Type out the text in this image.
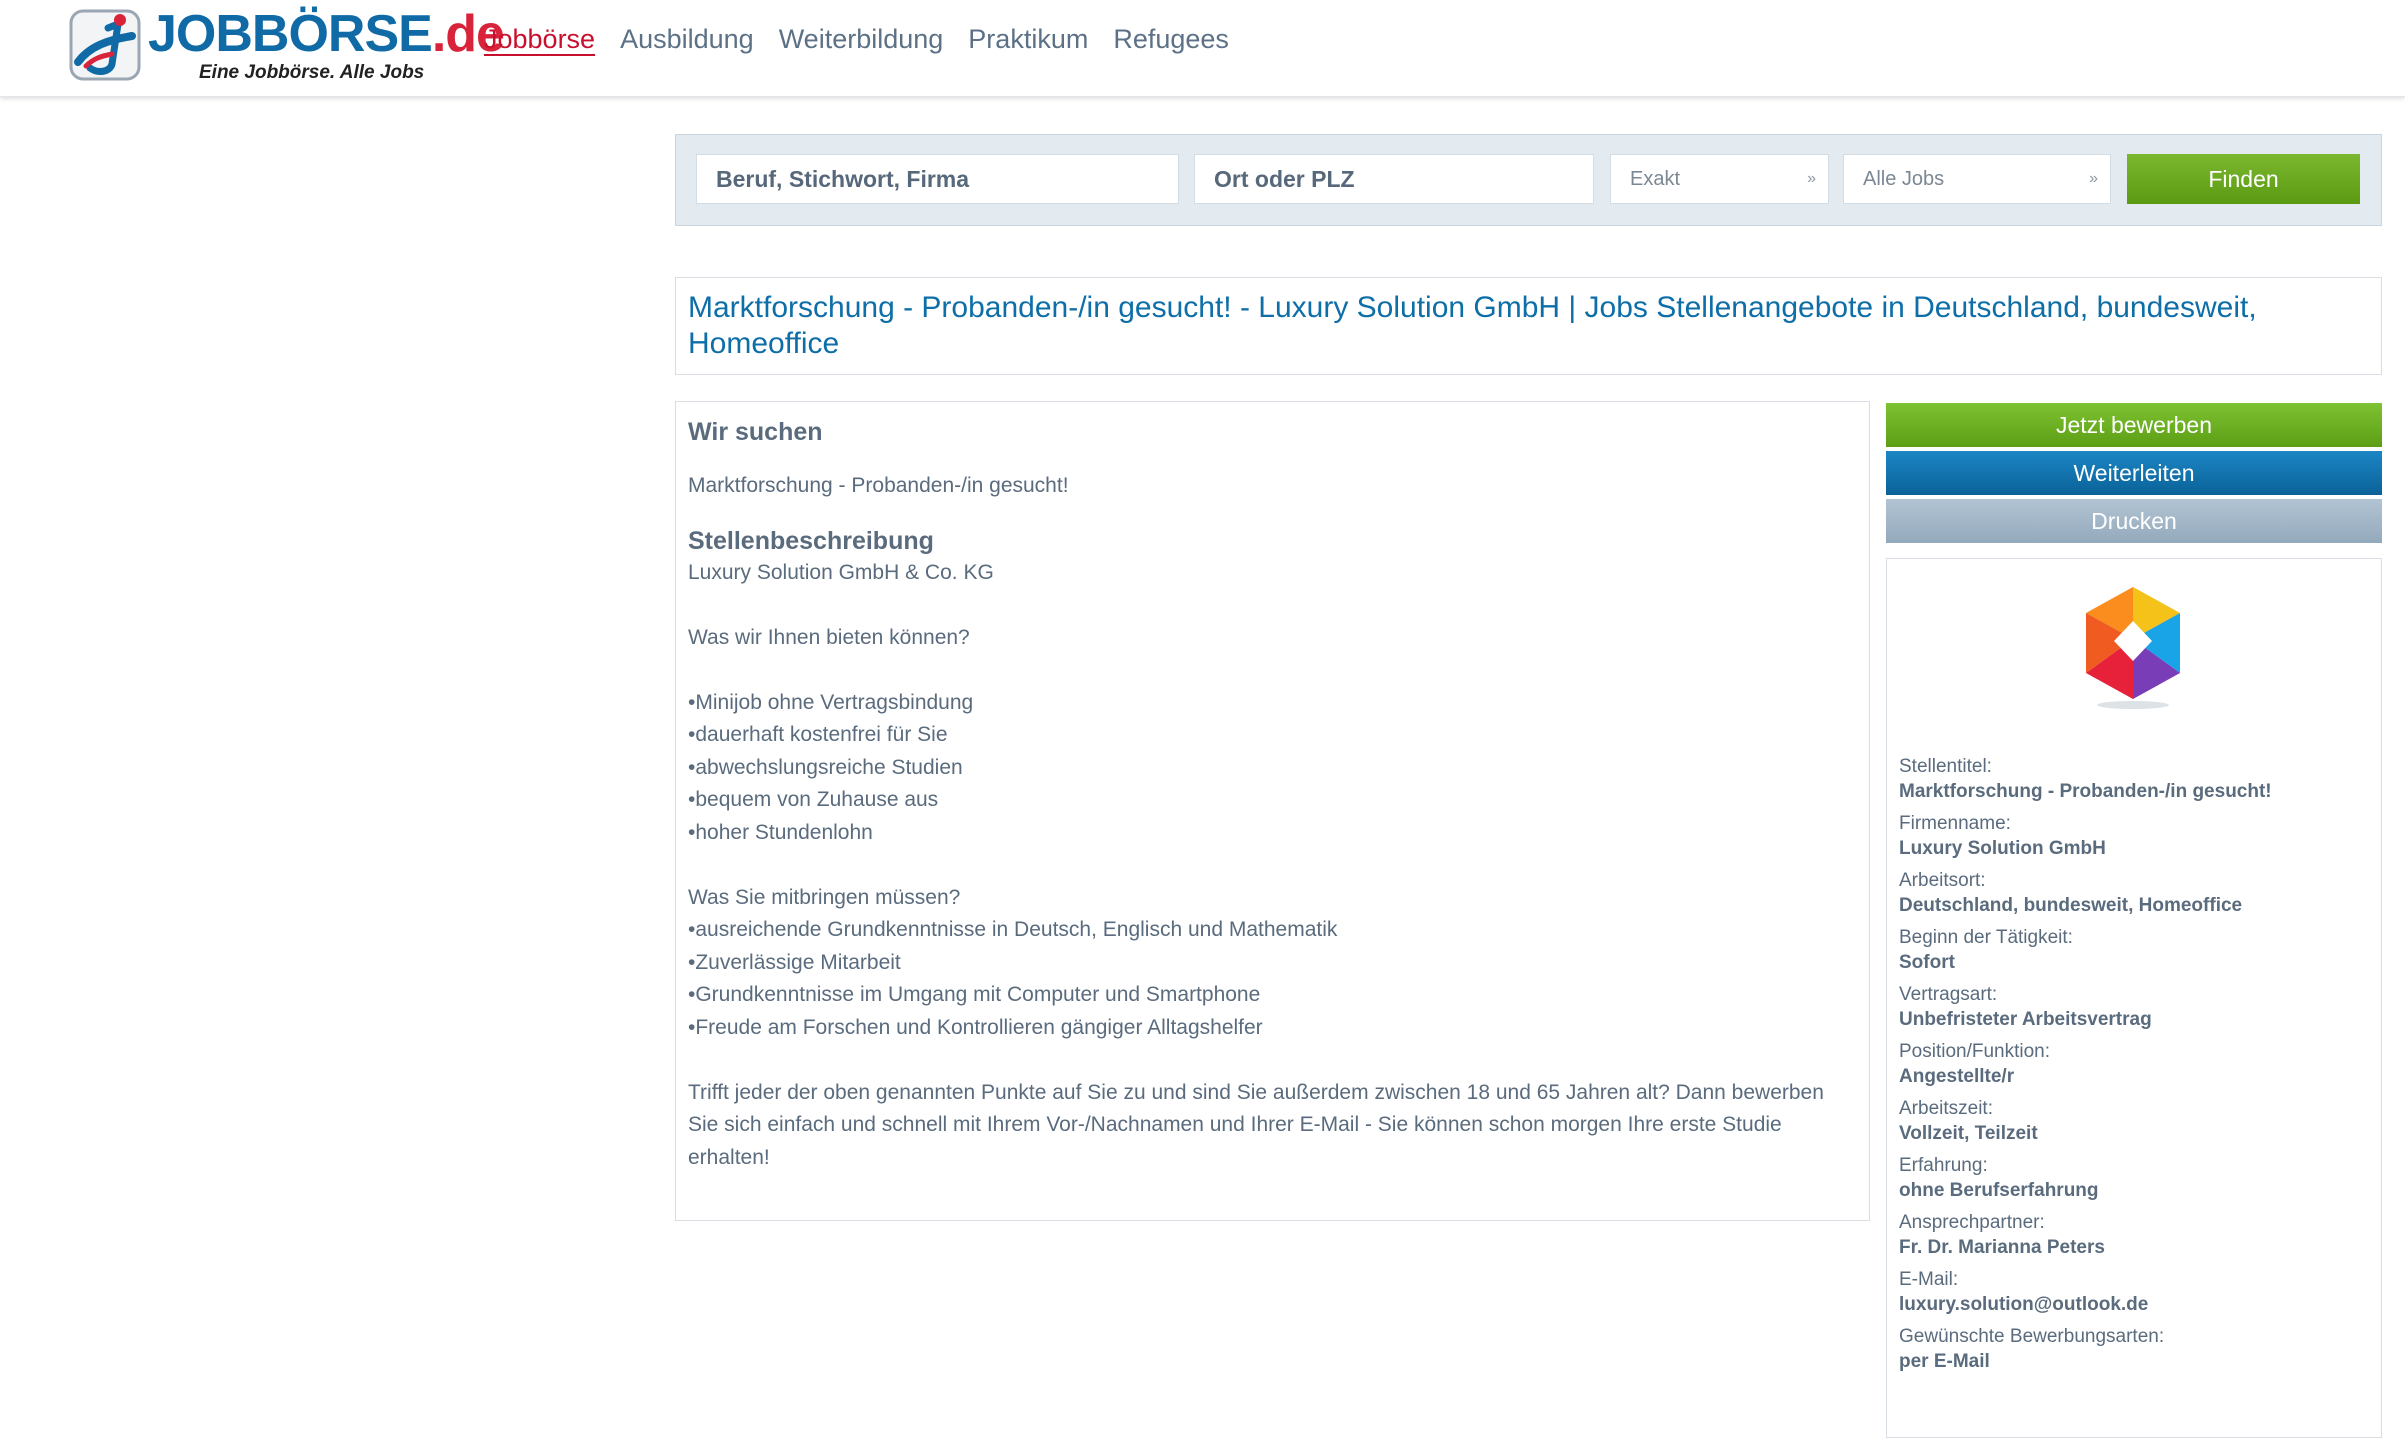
JOBBÖRSE.de
Eine Jobbörse. Alle Jobs
Jobbörse Ausbildung Weiterbildung Praktikum Refugees
Beruf, Stichwort, Firma
Ort oder PLZ
Exakt	»	Alle Jobs	»	Finden
Marktforschung - Probanden-/in gesucht! - Luxury Solution GmbH | Jobs Stellenangebote in Deutschland, bundesweit, Homeoffice
Wir suchen

Marktforschung - Probanden-/in gesucht!

Stellenbeschreibung

Luxury Solution GmbH & Co. KG

Was wir Ihnen bieten können?

•Minijob ohne Vertragsbindung

•dauerhaft kostenfrei für Sie

•abwechslungsreiche Studien

•bequem von Zuhause aus

•hoher Stundenlohn

Was Sie mitbringen müssen?

•ausreichende Grundkenntnisse in Deutsch, Englisch und Mathematik

•Zuverlässige Mitarbeit

•Grundkenntnisse im Umgang mit Computer und Smartphone

•Freude am Forschen und Kontrollieren gängiger Alltagshelfer

Trifft jeder der oben genannten Punkte auf Sie zu und sind Sie außerdem zwischen 18 und 65 Jahren alt? Dann bewerben Sie sich einfach und schnell mit Ihrem Vor-/Nachnamen und Ihrer E-Mail - Sie können schon morgen Ihre erste Studie erhalten!

Jetzt bewerben
Weiterleiten
Drucken
Stellentitel:
Marktforschung - Probanden-/in gesucht!
Firmenname:
Luxury Solution GmbH
Arbeitsort:
Deutschland, bundesweit, Homeoffice
Beginn der Tätigkeit:
Sofort
Vertragsart:
Unbefristeter Arbeitsvertrag
Position/Funktion:
Angestellte/r
Arbeitszeit:
Vollzeit, Teilzeit
Erfahrung:
ohne Berufserfahrung
Ansprechpartner:
Fr. Dr. Marianna Peters
E-Mail:
luxury.solution@outlook.de
Gewünschte Bewerbungsarten:
per E-Mail
